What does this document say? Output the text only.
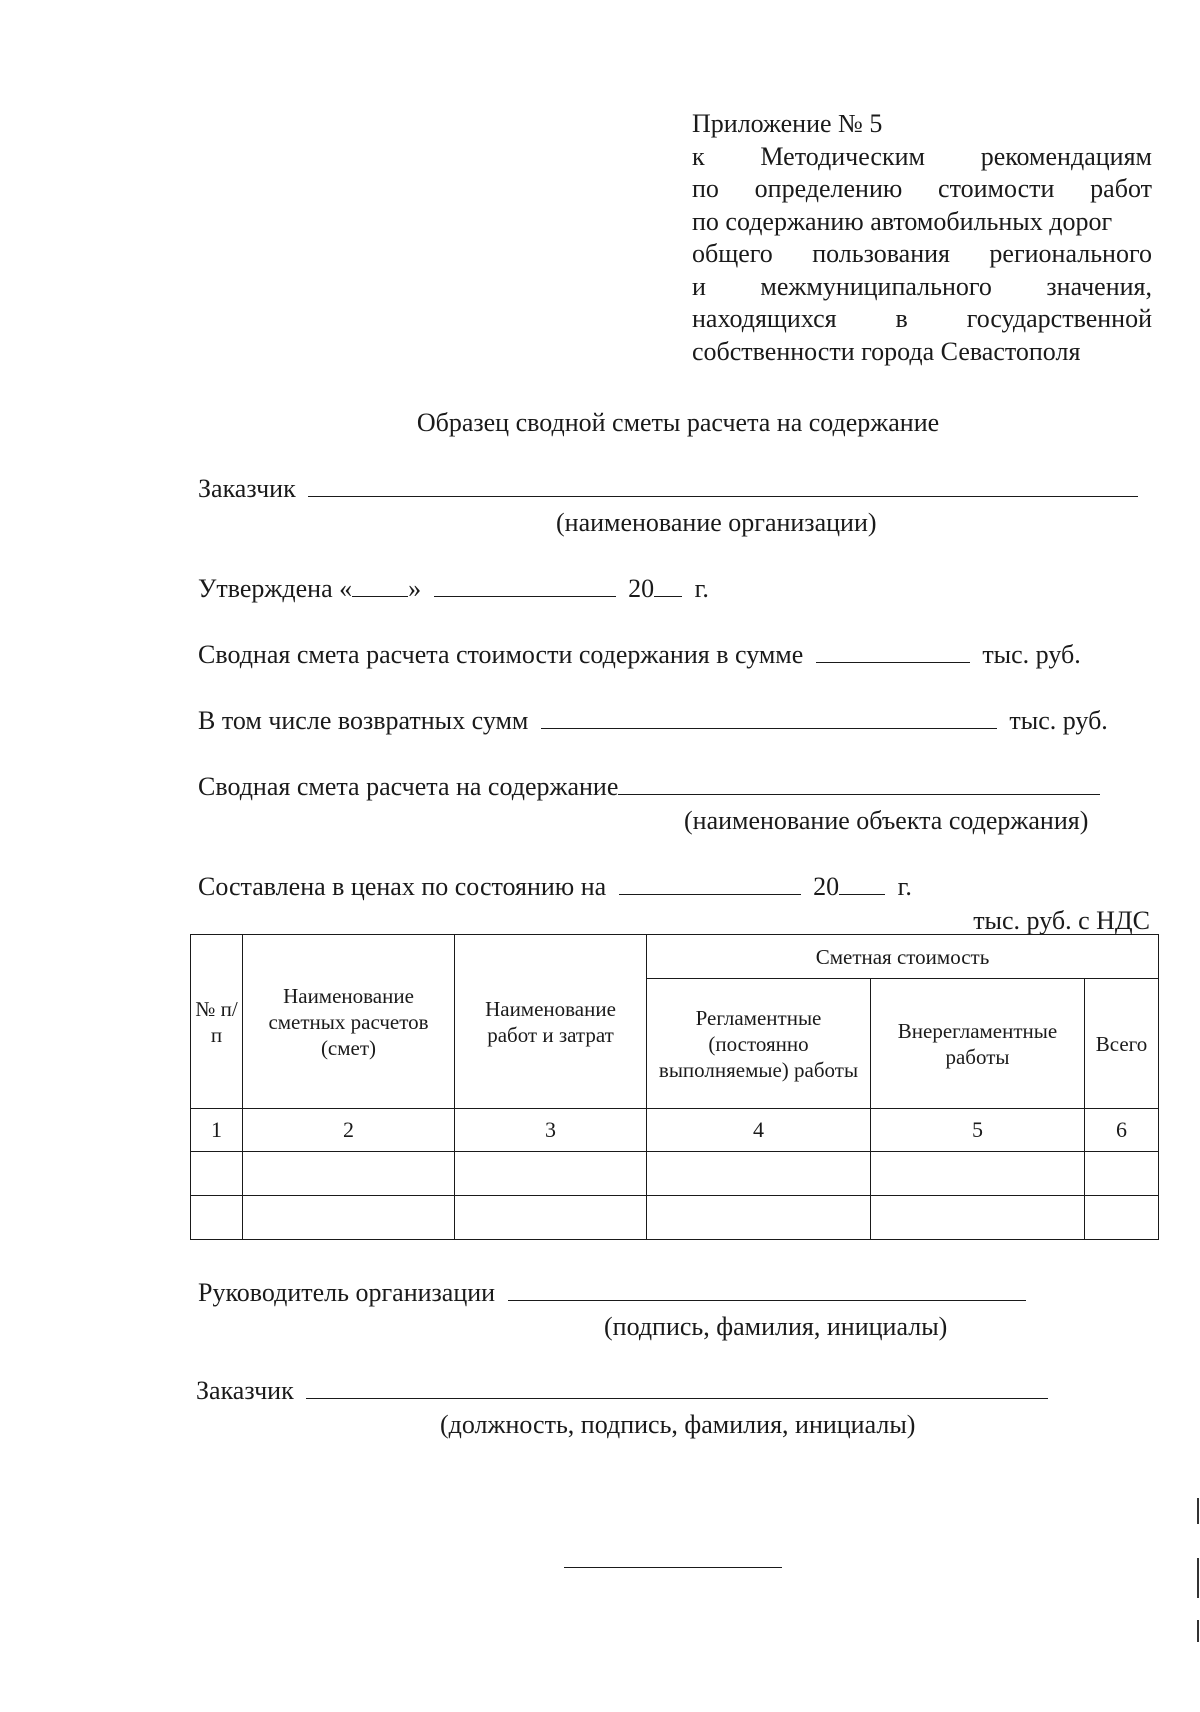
Приложение № 5
к Методическим рекомендациям
по определению стоимости работ
по содержанию автомобильных дорог
общего пользования регионального
и межмуниципального значения,
находящихся в государственной
собственности города Севастополя
Образец сводной сметы расчета на содержание
Заказчик
(наименование организации)
Утверждена « »	20 г.
Сводная смета расчета стоимости содержания в сумме	тыс. руб.
В том числе возвратных сумм	тыс. руб.
Сводная смета расчета на содержание
(наименование объекта содержания)
Составлена в ценах по состоянию на	20 г.
тыс. руб. с НДС
№ п/п	Наименование сметных расчетов (смет)	Наименование работ и затрат	Сметная стоимость		
			Регламентные (постоянно выполняемые) работы	Внерегламентные работы	Всего
1	2	3	4	5	6

Руководитель организации
(подпись, фамилия, инициалы)
Заказчик
(должность, подпись, фамилия, инициалы)
